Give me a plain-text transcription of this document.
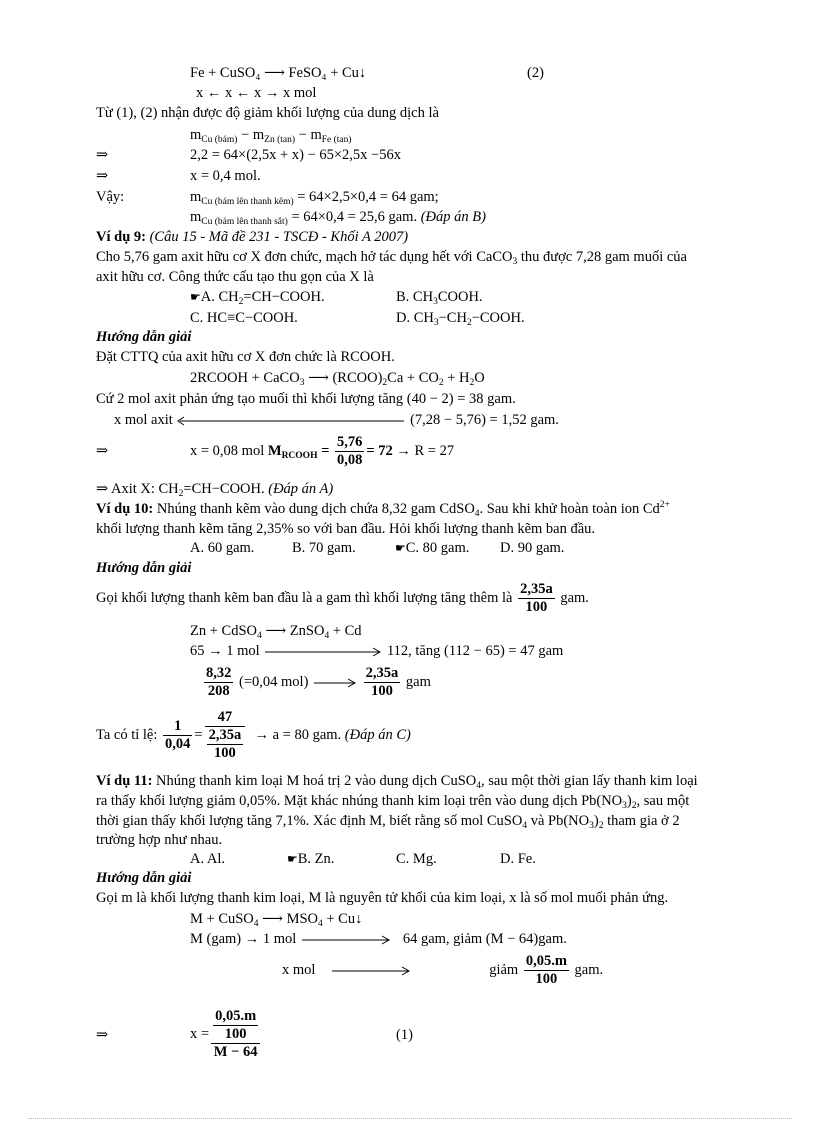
Fe + CuSO₄ ⟶ FeSO₄ + Cu↓	(2)
x ← x ← x → x mol
Từ (1), (2) nhận được độ giảm khối lượng của dung dịch là
$m_{Cu (bám)} - m_{Zn (tan)} - m_{Fe (tan)}$
⇒	2,2 = 64×(2,5x + x) − 65×2,5x −56x
⇒	x = 0,4 mol.
Vậy:	$m_{Cu (bám lên thanh kẽm)} = 64\times 2,5\times 0,4 = 64$ gam;
$m_{Cu (bám lên thanh sắt)} = 64\times 0,4 = 25,6$ gam. (Đáp án B)
Ví dụ 9: (Câu 15 - Mã đề 231 - TSCĐ - Khối A 2007)
Cho 5,76 gam axit hữu cơ X đơn chức, mạch hở tác dụng hết với CaCO$_3$ thu được 7,28 gam muối của
axit hữu cơ. Công thức cấu tạo thu gọn của X là
☛A. $CH_2=CH-COOH$.	B. $CH_3COOH$.
C. HC≡C−COOH.	D. $CH_3-CH_2-COOH$.
Hướng dẫn giải
Đặt CTTQ của axit hữu cơ X đơn chức là RCOOH.
2RCOOH + CaCO$_3$ ⟶ $(RCOO)_2Ca + CO_2 + H_2O$
Cứ 2 mol axit phản ứng tạo muối thì khối lượng tăng (40 − 2) = 38 gam.
x mol axit	(7,28 − 5,76) = 1,52 gam.
⇒	x = 0,08 mol $M_{RCOOH} = \frac{5,76}{0,08} = 72 \to R = 27$
⇒ Axit X: $CH_2=CH-COOH$. (Đáp án A)
Ví dụ 10: Nhúng thanh kẽm vào dung dịch chứa 8,32 gam CdSO$_4$. Sau khi khử hoàn toàn ion $Cd^{2+}$
khối lượng thanh kẽm tăng 2,35% so với ban đầu. Hỏi khối lượng thanh kẽm ban đầu.
A. 60 gam.	B. 70 gam.	☛C. 80 gam. D. 90 gam.
Hướng dẫn giải
Gọi khối lượng thanh kẽm ban đầu là a gam thì khối lượng tăng thêm là $\frac{2,35a}{100}$ gam.
Zn + CdSO$_4$ ⟶ ZnSO$_4$ + Cd
65 → 1 mol	112, tăng (112 − 65) = 47 gam
$\frac{8,32}{208} (=0,04$ mol)	$\frac{2,35a}{100}$ gam
Ta có tỉ lệ: $\frac{1}{0,04} = \frac{47}{\frac{2,35a}{100}} \to a = 80$ gam. (Đáp án C)
Ví dụ 11: Nhúng thanh kim loại M hoá trị 2 vào dung dịch CuSO$_4$, sau một thời gian lấy thanh kim loại
ra thấy khối lượng giảm 0,05%. Mặt khác nhúng thanh kim loại trên vào dung dịch $Pb(NO_3)_2$, sau một
thời gian thấy khối lượng tăng 7,1%. Xác định M, biết rằng số mol CuSO$_4$ và $Pb(NO_3)_2$ tham gia ở 2
trường hợp như nhau.
A. Al.	☛B. Zn.	C. Mg.	D. Fe.
Hướng dẫn giải
Gọi m là khối lượng thanh kim loại, M là nguyên tử khối của kim loại, x là số mol muối phản ứng.
M + CuSO$_4$ ⟶ $MSO_4$ + Cu↓
M (gam) → 1 mol	64 gam, giảm (M − 64)gam.
x mol	giảm $\frac{0,05.m}{100}$ gam.
⇒	$x = \frac{\frac{0,05.m}{100}}{M - 64}$	(1)
